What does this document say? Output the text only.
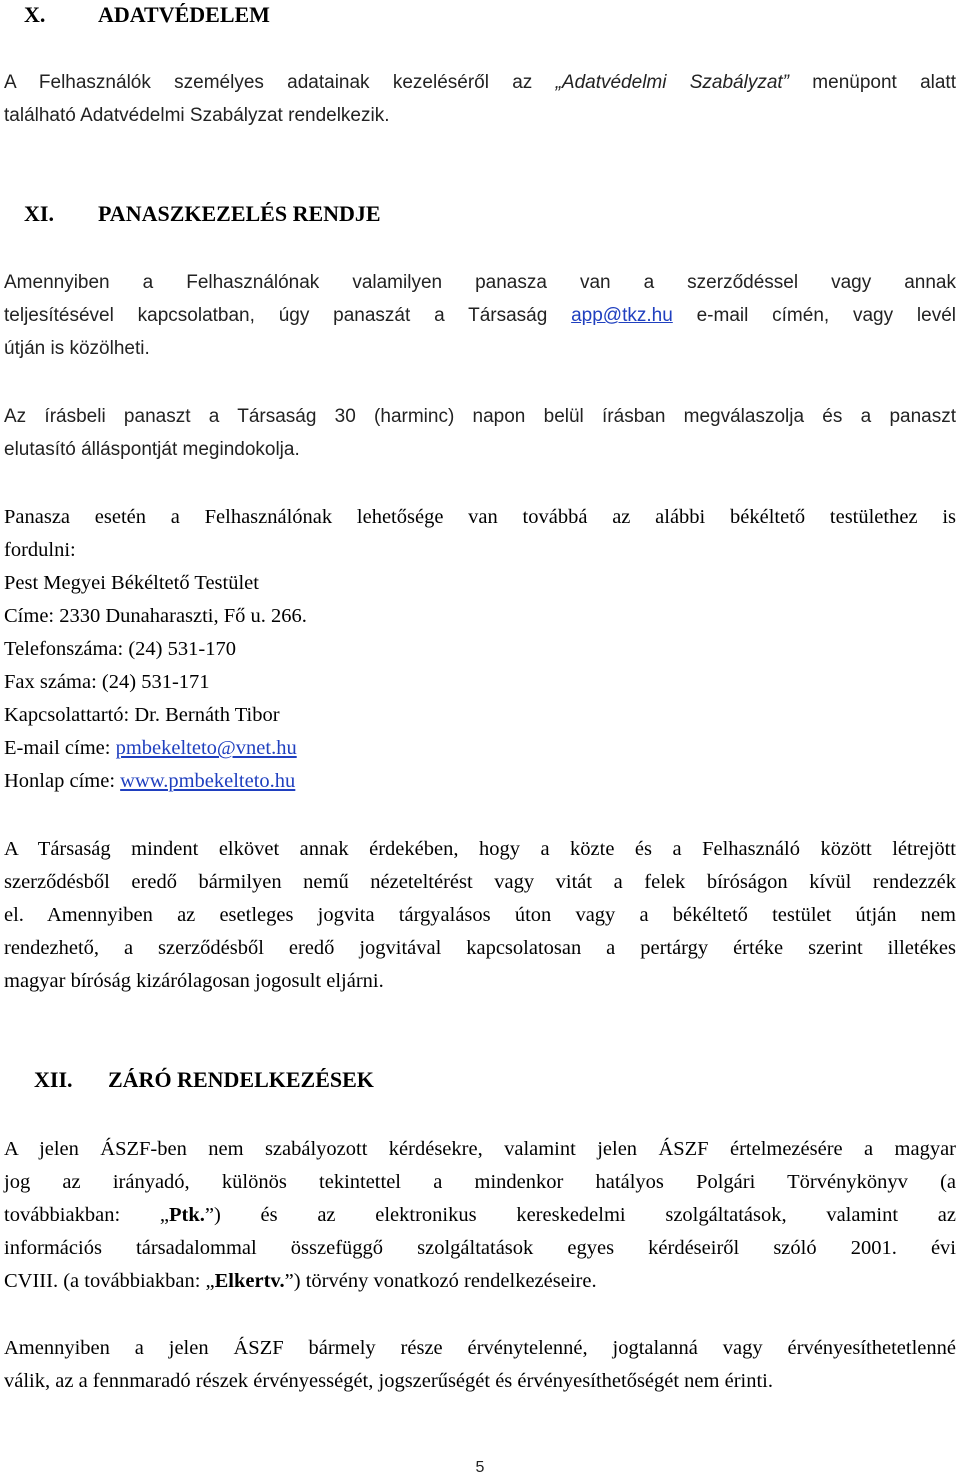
X. ADATVÉDELEM
A Felhasználók személyes adatainak kezeléséről az „Adatvédelmi Szabályzat” menüpont alatt
található Adatvédelmi Szabályzat rendelkezik.
XI. PANASZKEZELÉS RENDJE
Amennyiben a Felhasználónak valamilyen panasza van a szerződéssel vagy annak
teljesítésével kapcsolatban, úgy panaszát a Társaság app@tkz.hu e-mail címén, vagy levél
útján is közölheti.
Az írásbeli panaszt a Társaság 30 (harminc) napon belül írásban megválaszolja és a panaszt
elutasító álláspontját megindokolja.
Panasza esetén a Felhasználónak lehetősége van továbbá az alábbi békéltető testülethez is
fordulni:
Pest Megyei Békéltető Testület
Címe: 2330 Dunaharaszti, Fő u. 266.
Telefonszáma: (24) 531-170
Fax száma: (24) 531-171
Kapcsolattartó: Dr. Bernáth Tibor
E-mail címe: pmbekelteto@vnet.hu
Honlap címe: www.pmbekelteto.hu
A Társaság mindent elkövet annak érdekében, hogy a közte és a Felhasználó között létrejött
szerződésből eredő bármilyen nemű nézeteltérést vagy vitát a felek bíróságon kívül rendezzék
el. Amennyiben az esetleges jogvita tárgyalásos úton vagy a békéltető testület útján nem
rendezhető, a szerződésből eredő jogvitával kapcsolatosan a pertárgy értéke szerint illetékes
magyar bíróság kizárólagosan jogosult eljárni.
XII. ZÁRÓ RENDELKEZÉSEK
A jelen ÁSZF-ben nem szabályozott kérdésekre, valamint jelen ÁSZF értelmezésére a magyar
jog az irányadó, különös tekintettel a mindenkor hatályos Polgári Törvénykönyv (a
továbbiakban: „Ptk.”) és az elektronikus kereskedelmi szolgáltatások, valamint az
információs társadalommal összefüggő szolgáltatások egyes kérdéseiről szóló 2001. évi
CVIII. (a továbbiakban: „Elkertv.”) törvény vonatkozó rendelkezéseire.
Amennyiben a jelen ÁSZF bármely része érvénytelenné, jogtalanná vagy érvényesíthetetlenné
válik, az a fennmaradó részek érvényességét, jogszerűségét és érvényesíthetőségét nem érinti.
5
